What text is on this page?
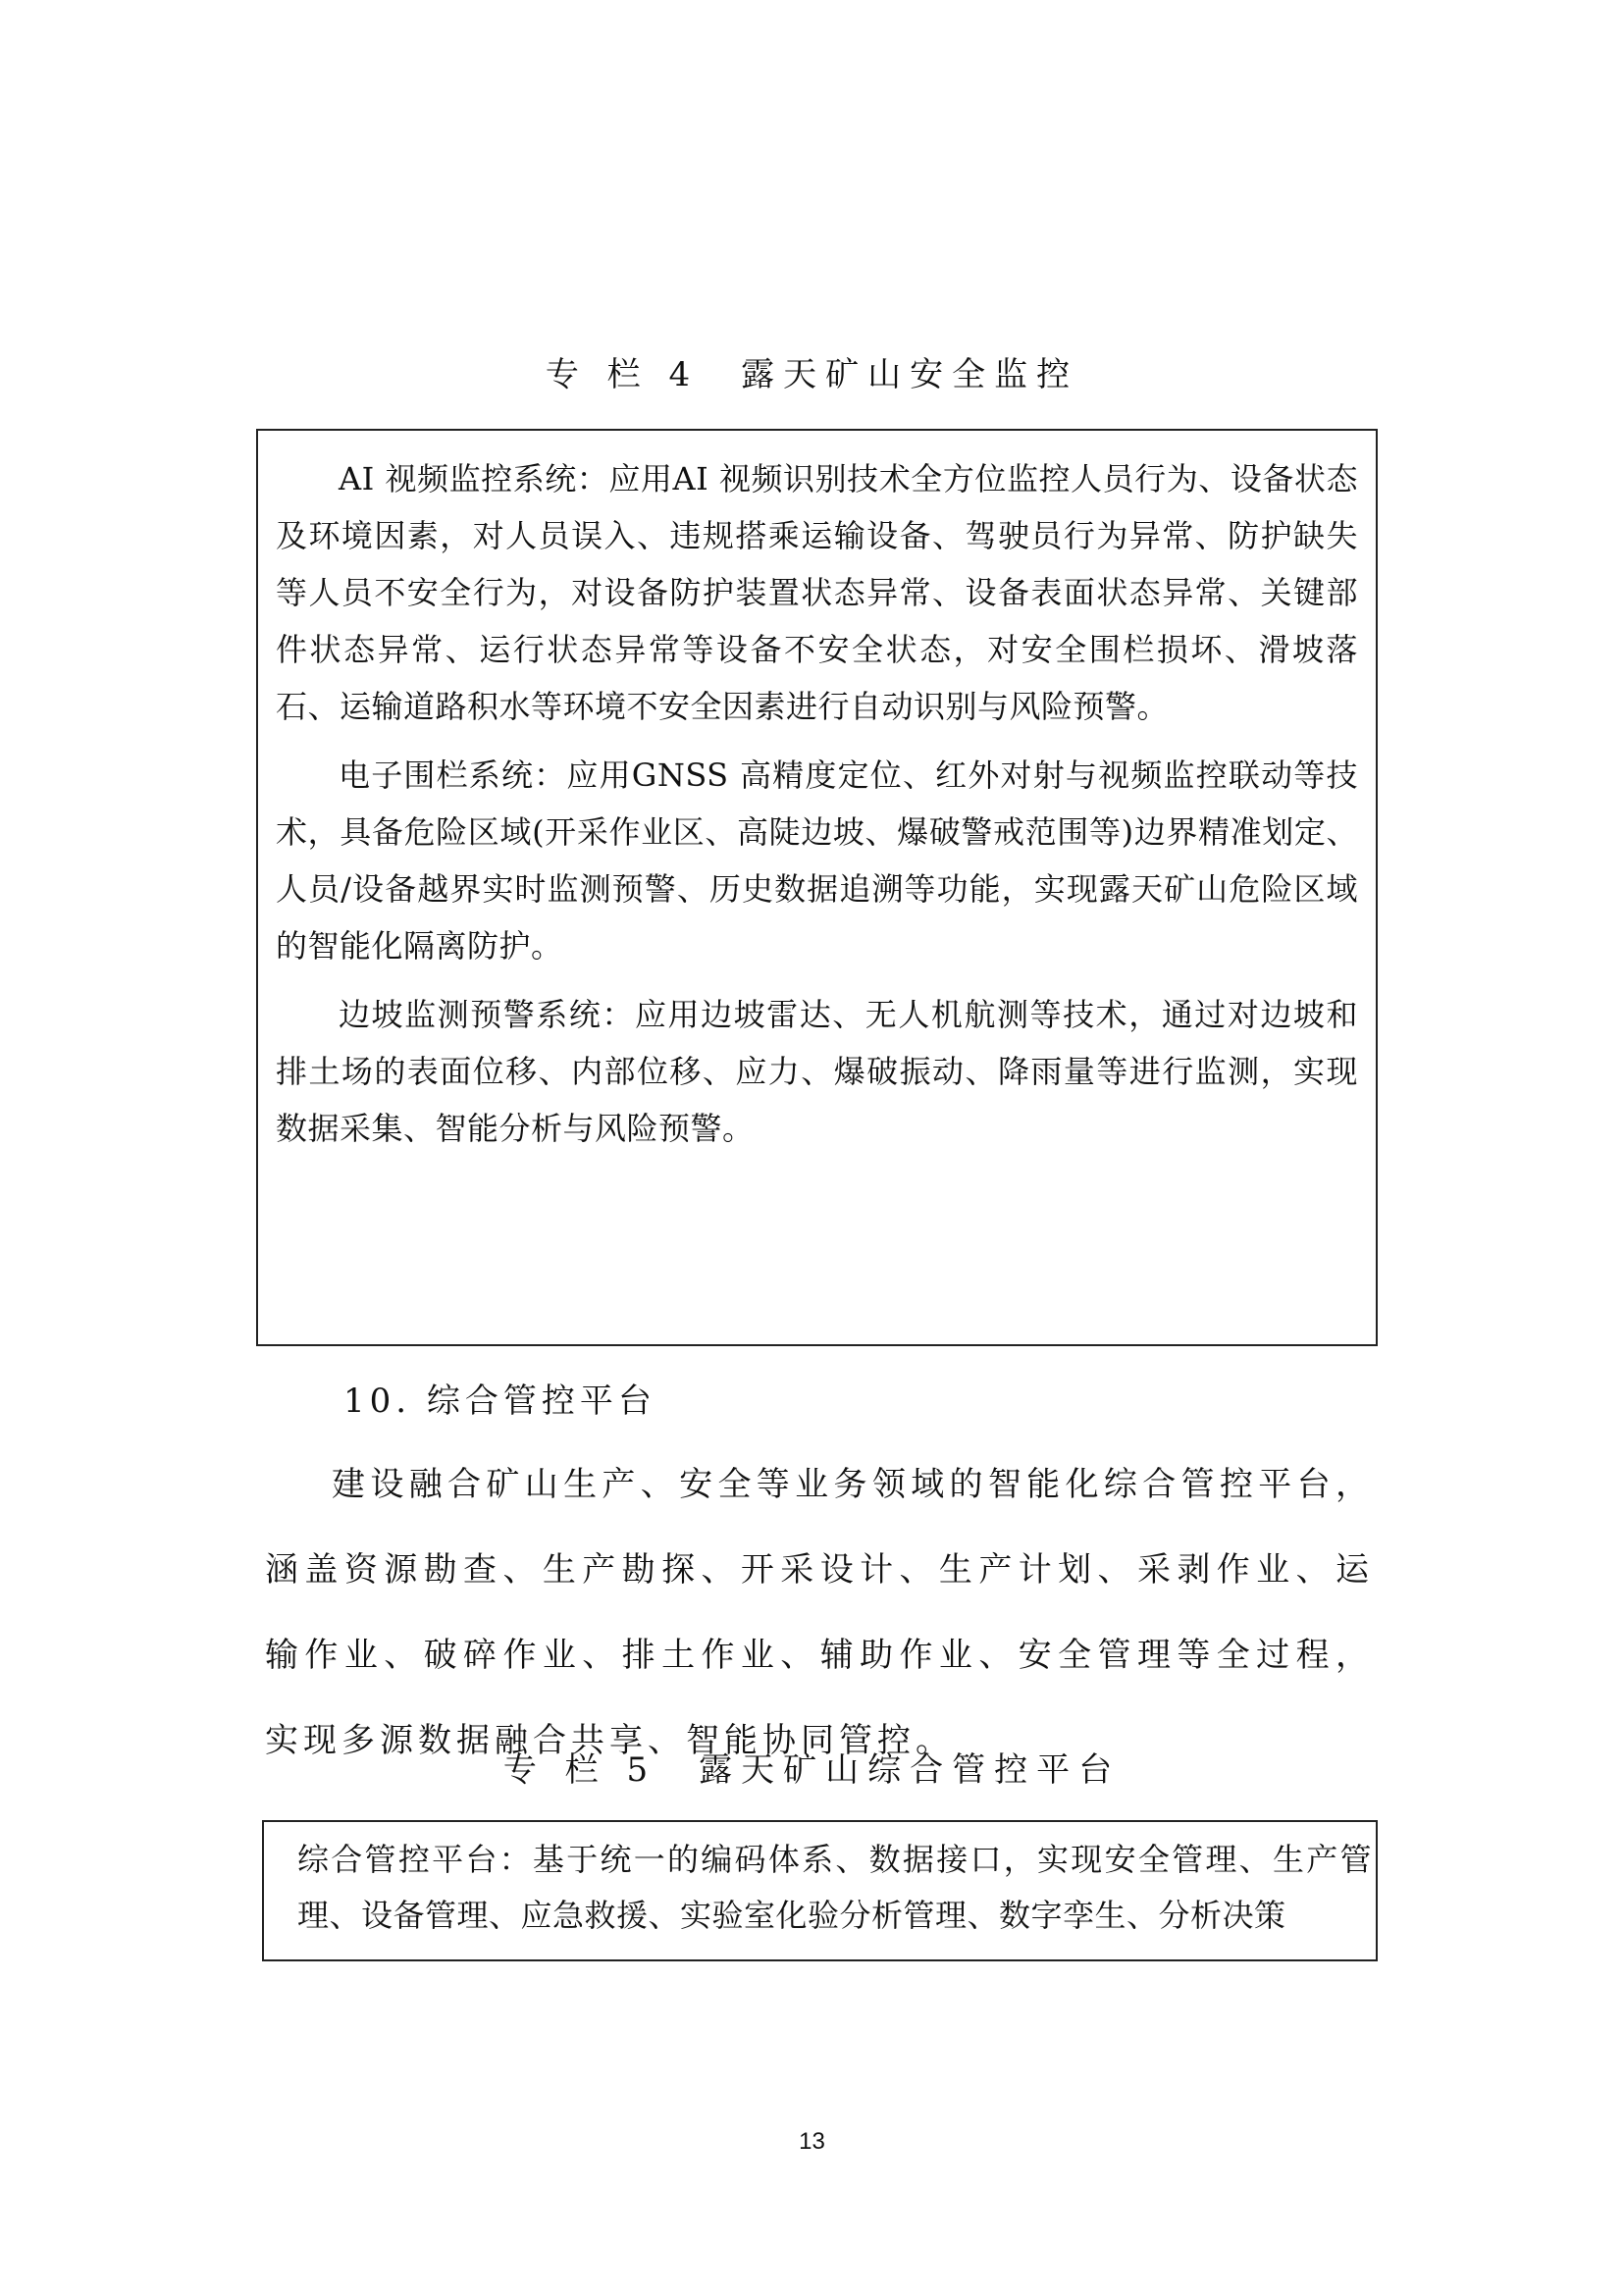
专 栏 4　露天矿山安全监控

AI 视频监控系统：应用AI 视频识别技术全方位监控人员行为、设备状态及环境因素，对人员误入、违规搭乘运输设备、驾驶员行为异常、防护缺失等人员不安全行为，对设备防护装置状态异常、设备表面状态异常、关键部件状态异常、运行状态异常等设备不安全状态，对安全围栏损坏、滑坡落石、运输道路积水等环境不安全因素进行自动识别与风险预警。

电子围栏系统：应用GNSS 高精度定位、红外对射与视频监控联动等技术，具备危险区域(开采作业区、高陡边坡、爆破警戒范围等)边界精准划定、人员/设备越界实时监测预警、历史数据追溯等功能，实现露天矿山危险区域的智能化隔离防护。

边坡监测预警系统：应用边坡雷达、无人机航测等技术，通过对边坡和排土场的表面位移、内部位移、应力、爆破振动、降雨量等进行监测，实现数据采集、智能分析与风险预警。

10. 综合管控平台

建设融合矿山生产、安全等业务领域的智能化综合管控平台，涵盖资源勘查、生产勘探、开采设计、生产计划、采剥作业、运输作业、破碎作业、排土作业、辅助作业、安全管理等全过程，实现多源数据融合共享、智能协同管控。

专 栏 5　露天矿山综合管控平台

综合管控平台：基于统一的编码体系、数据接口，实现安全管理、生产管理、设备管理、应急救援、实验室化验分析管理、数字孪生、分析决策

13
